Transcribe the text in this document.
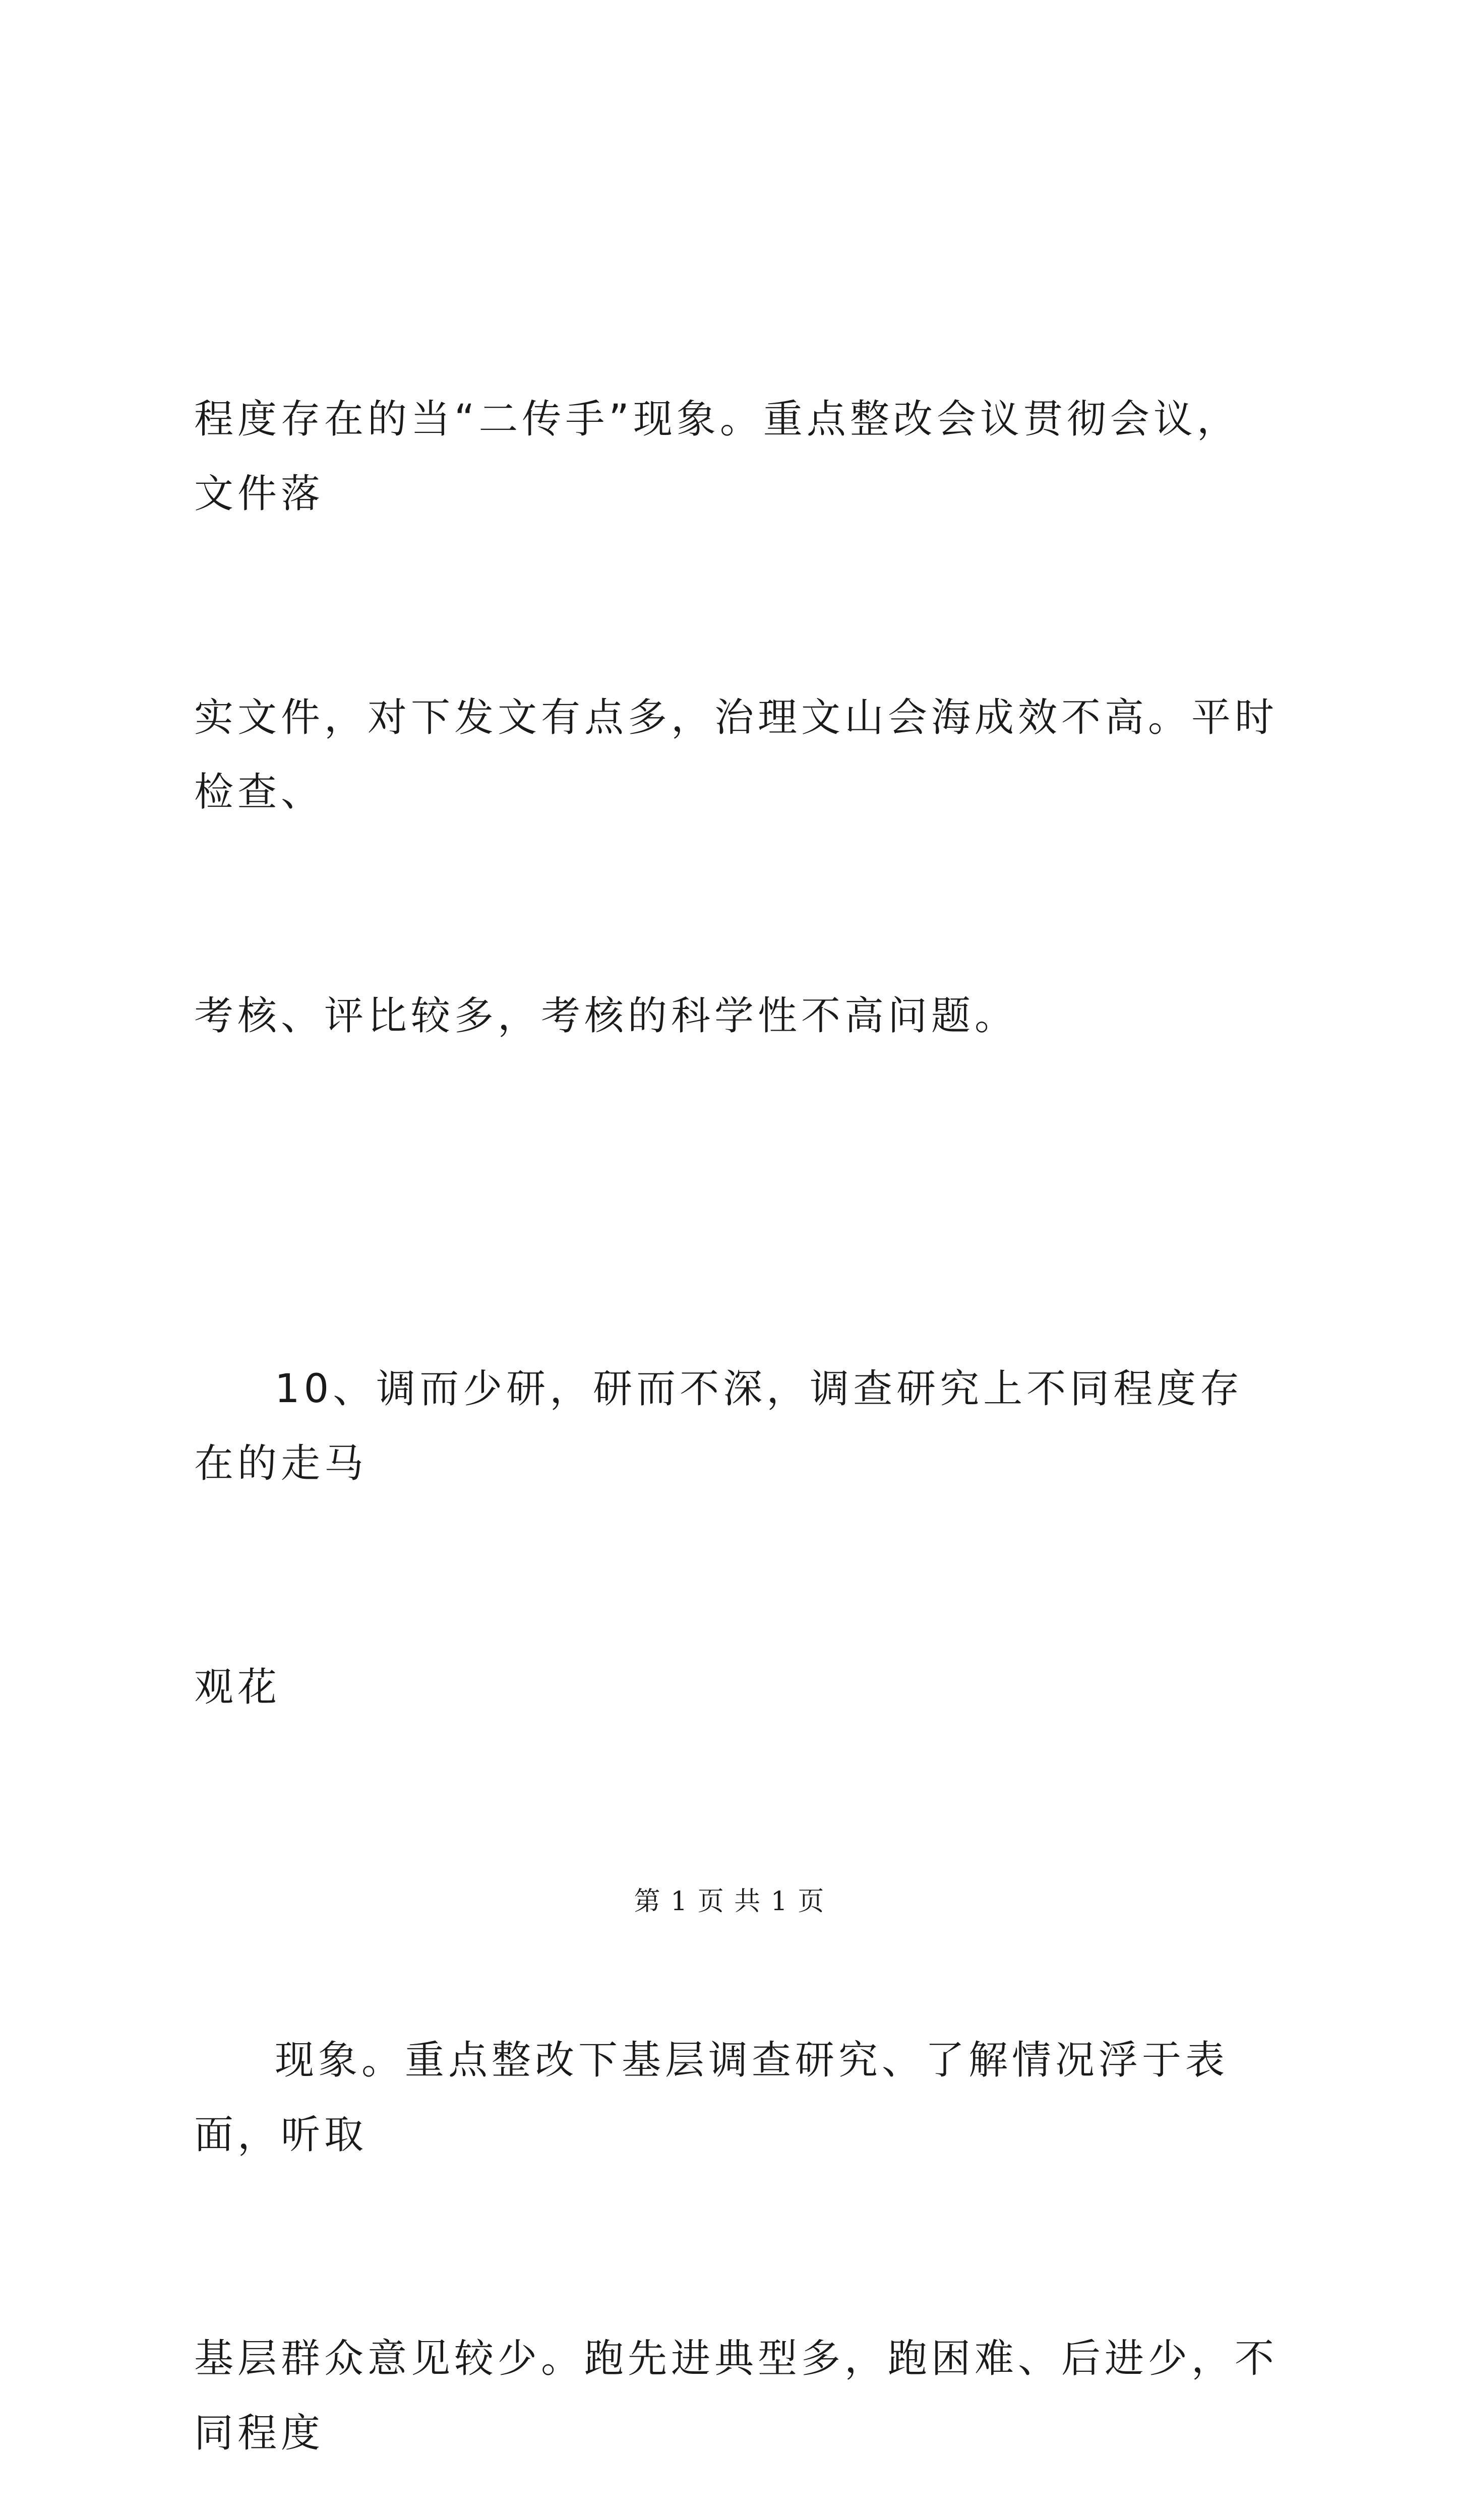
程度存在的当“二传手”现象。重点整改会议贯彻会议，文件落

实文件，对下发文有点多，治理文山会海成效不高。平时检查、

考核、评比较多，考核的科学性不高问题。

10、调而少研，研而不深，调查研究上不同程度存在的走马

观花

现象。重点整改下基层调查研究、了解情况浮于表面，听取

基层群众意见较少。跑先进典型多，跑困难、后进少，不同程度

第 1 页 共 1 页
